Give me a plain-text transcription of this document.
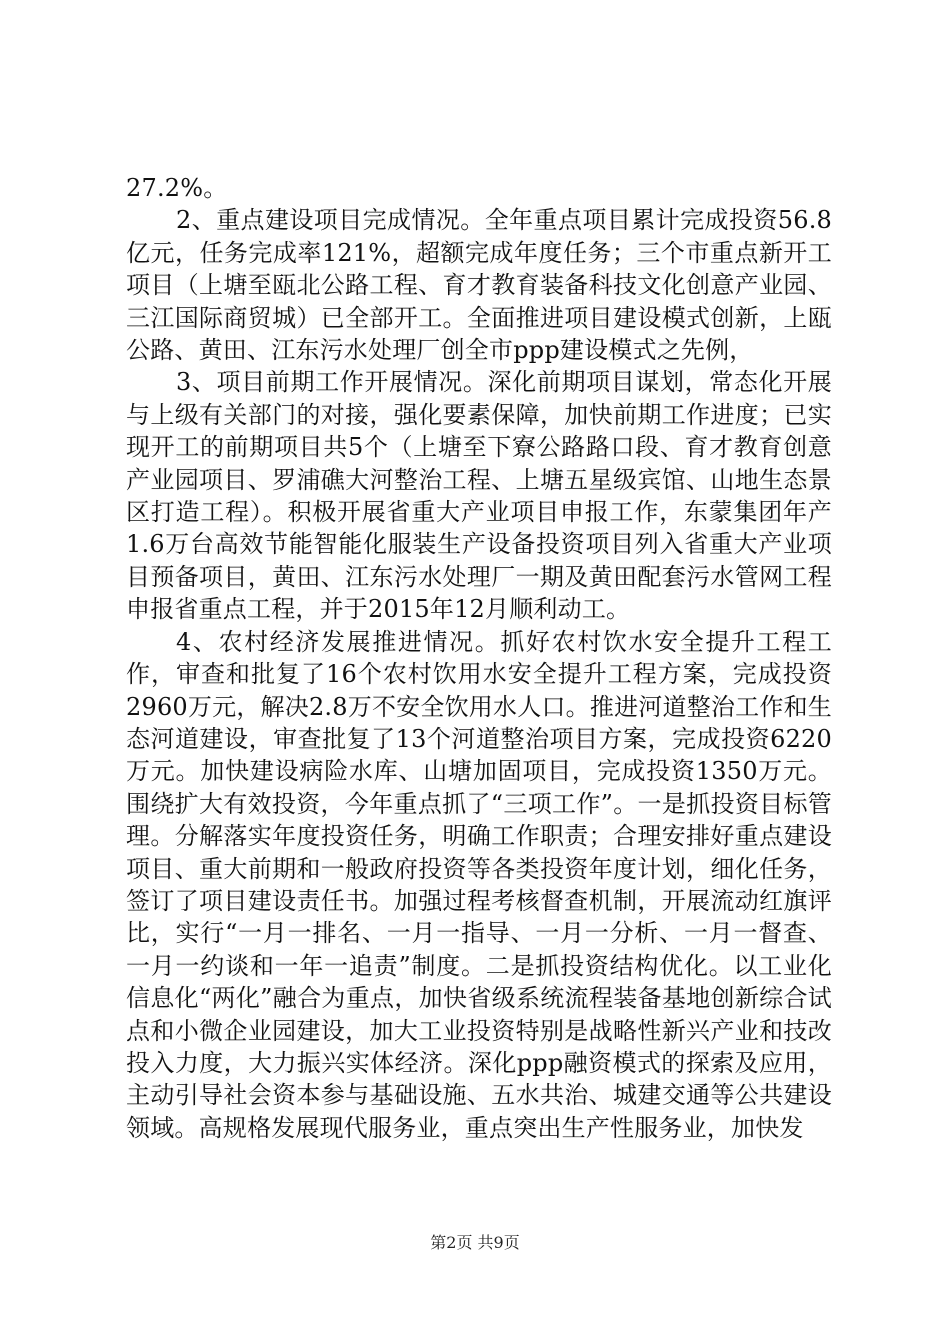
27.2%。

2、重点建设项目完成情况。全年重点项目累计完成投资56.8亿元，任务完成率121%，超额完成年度任务；三个市重点新开工项目（上塘至瓯北公路工程、育才教育装备科技文化创意产业园、三江国际商贸城）已全部开工。全面推进项目建设模式创新，上瓯公路、黄田、江东污水处理厂创全市ppp建设模式之先例，

3、项目前期工作开展情况。深化前期项目谋划，常态化开展与上级有关部门的对接，强化要素保障，加快前期工作进度；已实现开工的前期项目共5个（上塘至下寮公路路口段、育才教育创意产业园项目、罗浦礁大河整治工程、上塘五星级宾馆、山地生态景区打造工程）。积极开展省重大产业项目申报工作，东蒙集团年产1.6万台高效节能智能化服装生产设备投资项目列入省重大产业项目预备项目，黄田、江东污水处理厂一期及黄田配套污水管网工程申报省重点工程，并于2015年12月顺利动工。

4、农村经济发展推进情况。抓好农村饮水安全提升工程工作，审查和批复了16个农村饮用水安全提升工程方案，完成投资2960万元，解决2.8万不安全饮用水人口。推进河道整治工作和生态河道建设，审查批复了13个河道整治项目方案，完成投资6220万元。加快建设病险水库、山塘加固项目，完成投资1350万元。围绕扩大有效投资，今年重点抓了“三项工作”。一是抓投资目标管理。分解落实年度投资任务，明确工作职责；合理安排好重点建设项目、重大前期和一般政府投资等各类投资年度计划，细化任务，签订了项目建设责任书。加强过程考核督查机制，开展流动红旗评比，实行“一月一排名、一月一指导、一月一分析、一月一督查、一月一约谈和一年一追责”制度。二是抓投资结构优化。以工业化信息化“两化”融合为重点，加快省级系统流程装备基地创新综合试点和小微企业园建设，加大工业投资特别是战略性新兴产业和技改投入力度，大力振兴实体经济。深化ppp融资模式的探索及应用，主动引导社会资本参与基础设施、五水共治、城建交通等公共建设领域。高规格发展现代服务业，重点突出生产性服务业，加快发

第2页 共9页
